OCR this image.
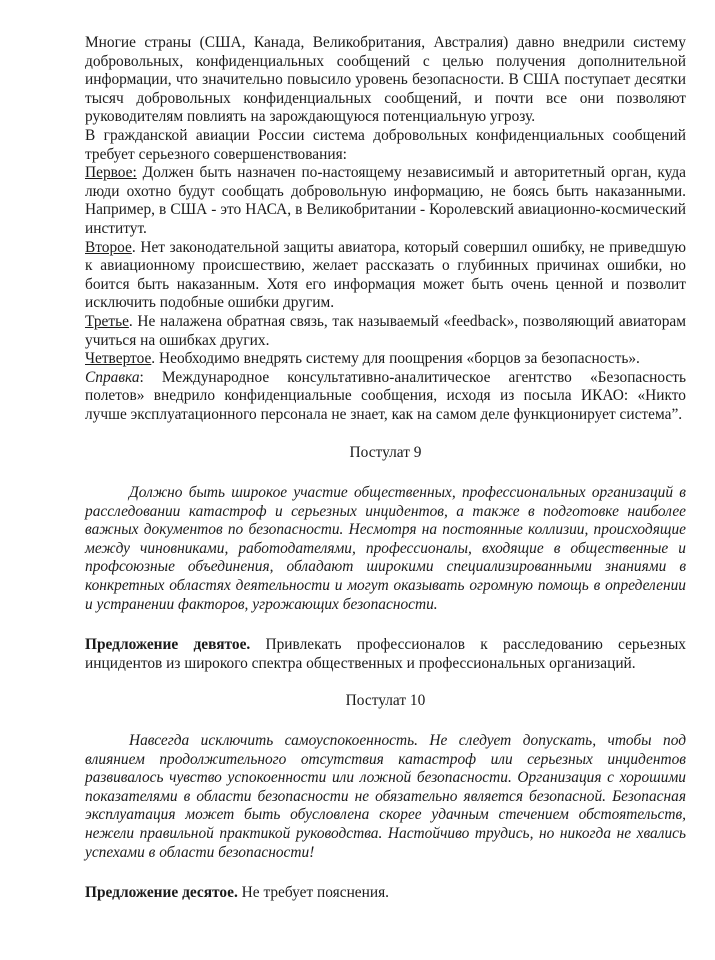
Многие страны (США, Канада, Великобритания, Австралия) давно внедрили систему добровольных, конфиденциальных сообщений с целью получения дополнительной информации, что значительно повысило уровень безопасности. В США поступает десятки тысяч добровольных конфиденциальных сообщений, и почти все они позволяют руководителям повлиять на зарождающуюся потенциальную угрозу.

В гражданской авиации России система добровольных конфиденциальных сообщений требует серьезного совершенствования:

Первое: Должен быть назначен по-настоящему независимый и авторитетный орган, куда люди охотно будут сообщать добровольную информацию, не боясь быть наказанными. Например, в США - это НАСА, в Великобритании - Королевский авиационно-космический институт.

Второе. Нет законодательной защиты авиатора, который совершил ошибку, не приведшую к авиационному происшествию, желает рассказать о глубинных причинах ошибки, но боится быть наказанным. Хотя его информация может быть очень ценной и позволит исключить подобные ошибки другим.

Третье. Не налажена обратная связь, так называемый «feedback», позволяющий авиаторам учиться на ошибках других.

Четвертое. Необходимо внедрять систему для поощрения «борцов за безопасность».

Справка: Международное консультативно-аналитическое агентство «Безопасность полетов» внедрило конфиденциальные сообщения, исходя из посыла ИКАО: «Никто лучше эксплуатационного персонала не знает, как на самом деле функционирует система”.

Постулат 9

Должно быть широкое участие общественных, профессиональных организаций в расследовании катастроф и серьезных инцидентов, а также в подготовке наиболее важных документов по безопасности. Несмотря на постоянные коллизии, происходящие между чиновниками, работодателями, профессионалы, входящие в общественные и профсоюзные объединения, обладают широкими специализированными знаниями в конкретных областях деятельности и могут оказывать огромную помощь в определении и устранении факторов, угрожающих безопасности.

Предложение девятое. Привлекать профессионалов к расследованию серьезных инцидентов из широкого спектра общественных и профессиональных организаций.

Постулат 10

Навсегда исключить самоуспокоенность. Не следует допускать, чтобы под влиянием продолжительного отсутствия катастроф или серьезных инцидентов развивалось чувство успокоенности или ложной безопасности. Организация с хорошими показателями в области безопасности не обязательно является безопасной. Безопасная эксплуатация может быть обусловлена скорее удачным стечением обстоятельств, нежели правильной практикой руководства. Настойчиво трудись, но никогда не хвались успехами в области безопасности!

Предложение десятое. Не требует пояснения.
